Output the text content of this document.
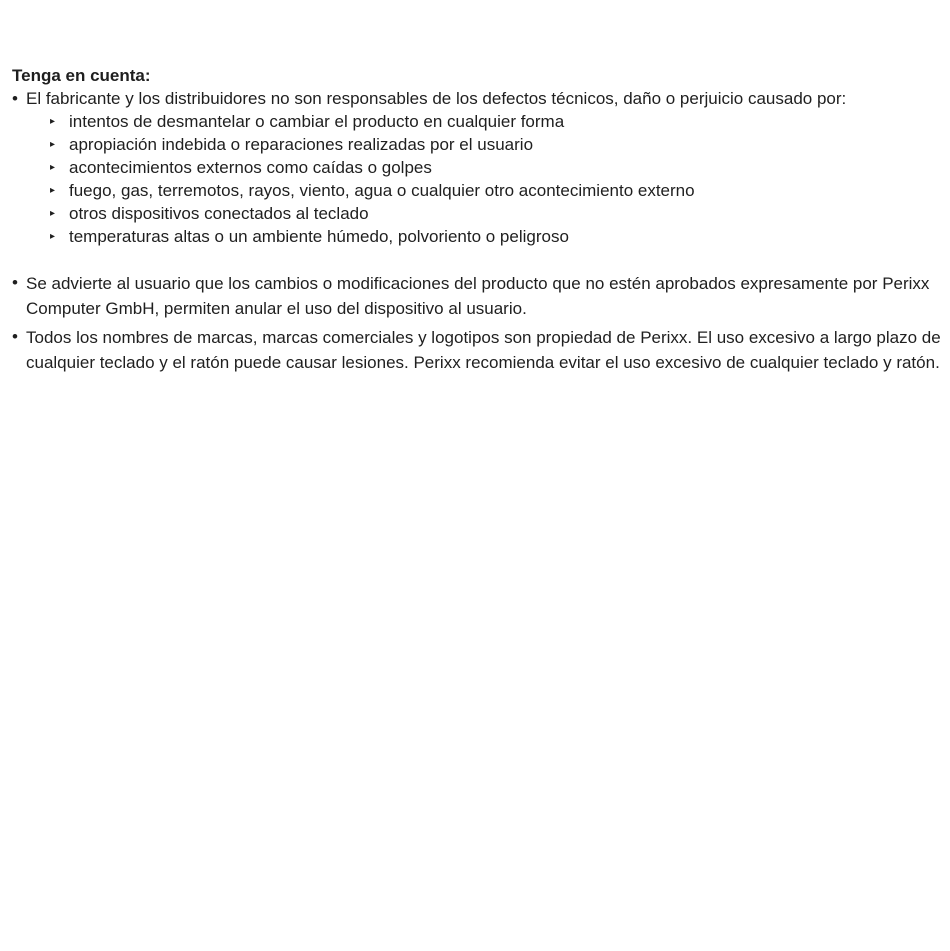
Tenga en cuenta:

• El fabricante y los distribuidores no son responsables de los defectos técnicos, daño o perjuicio causado por:
▸ intentos de desmantelar o cambiar el producto en cualquier forma
▸ apropiación indebida o reparaciones realizadas por el usuario
▸ acontecimientos externos como caídas o golpes
▸ fuego, gas, terremotos, rayos, viento, agua o cualquier otro acontecimiento externo
▸ otros dispositivos conectados al teclado
▸ temperaturas altas o un ambiente húmedo, polvoriento o peligroso
• Se advierte al usuario que los cambios o modificaciones del producto que no estén aprobados expresamente por Perixx Computer GmbH, permiten anular el uso del dispositivo al usuario.
• Todos los nombres de marcas, marcas comerciales y logotipos son propiedad de Perixx. El uso excesivo a largo plazo de cualquier teclado y el ratón puede causar lesiones. Perixx recomienda evitar el uso excesivo de cualquier teclado y ratón.
